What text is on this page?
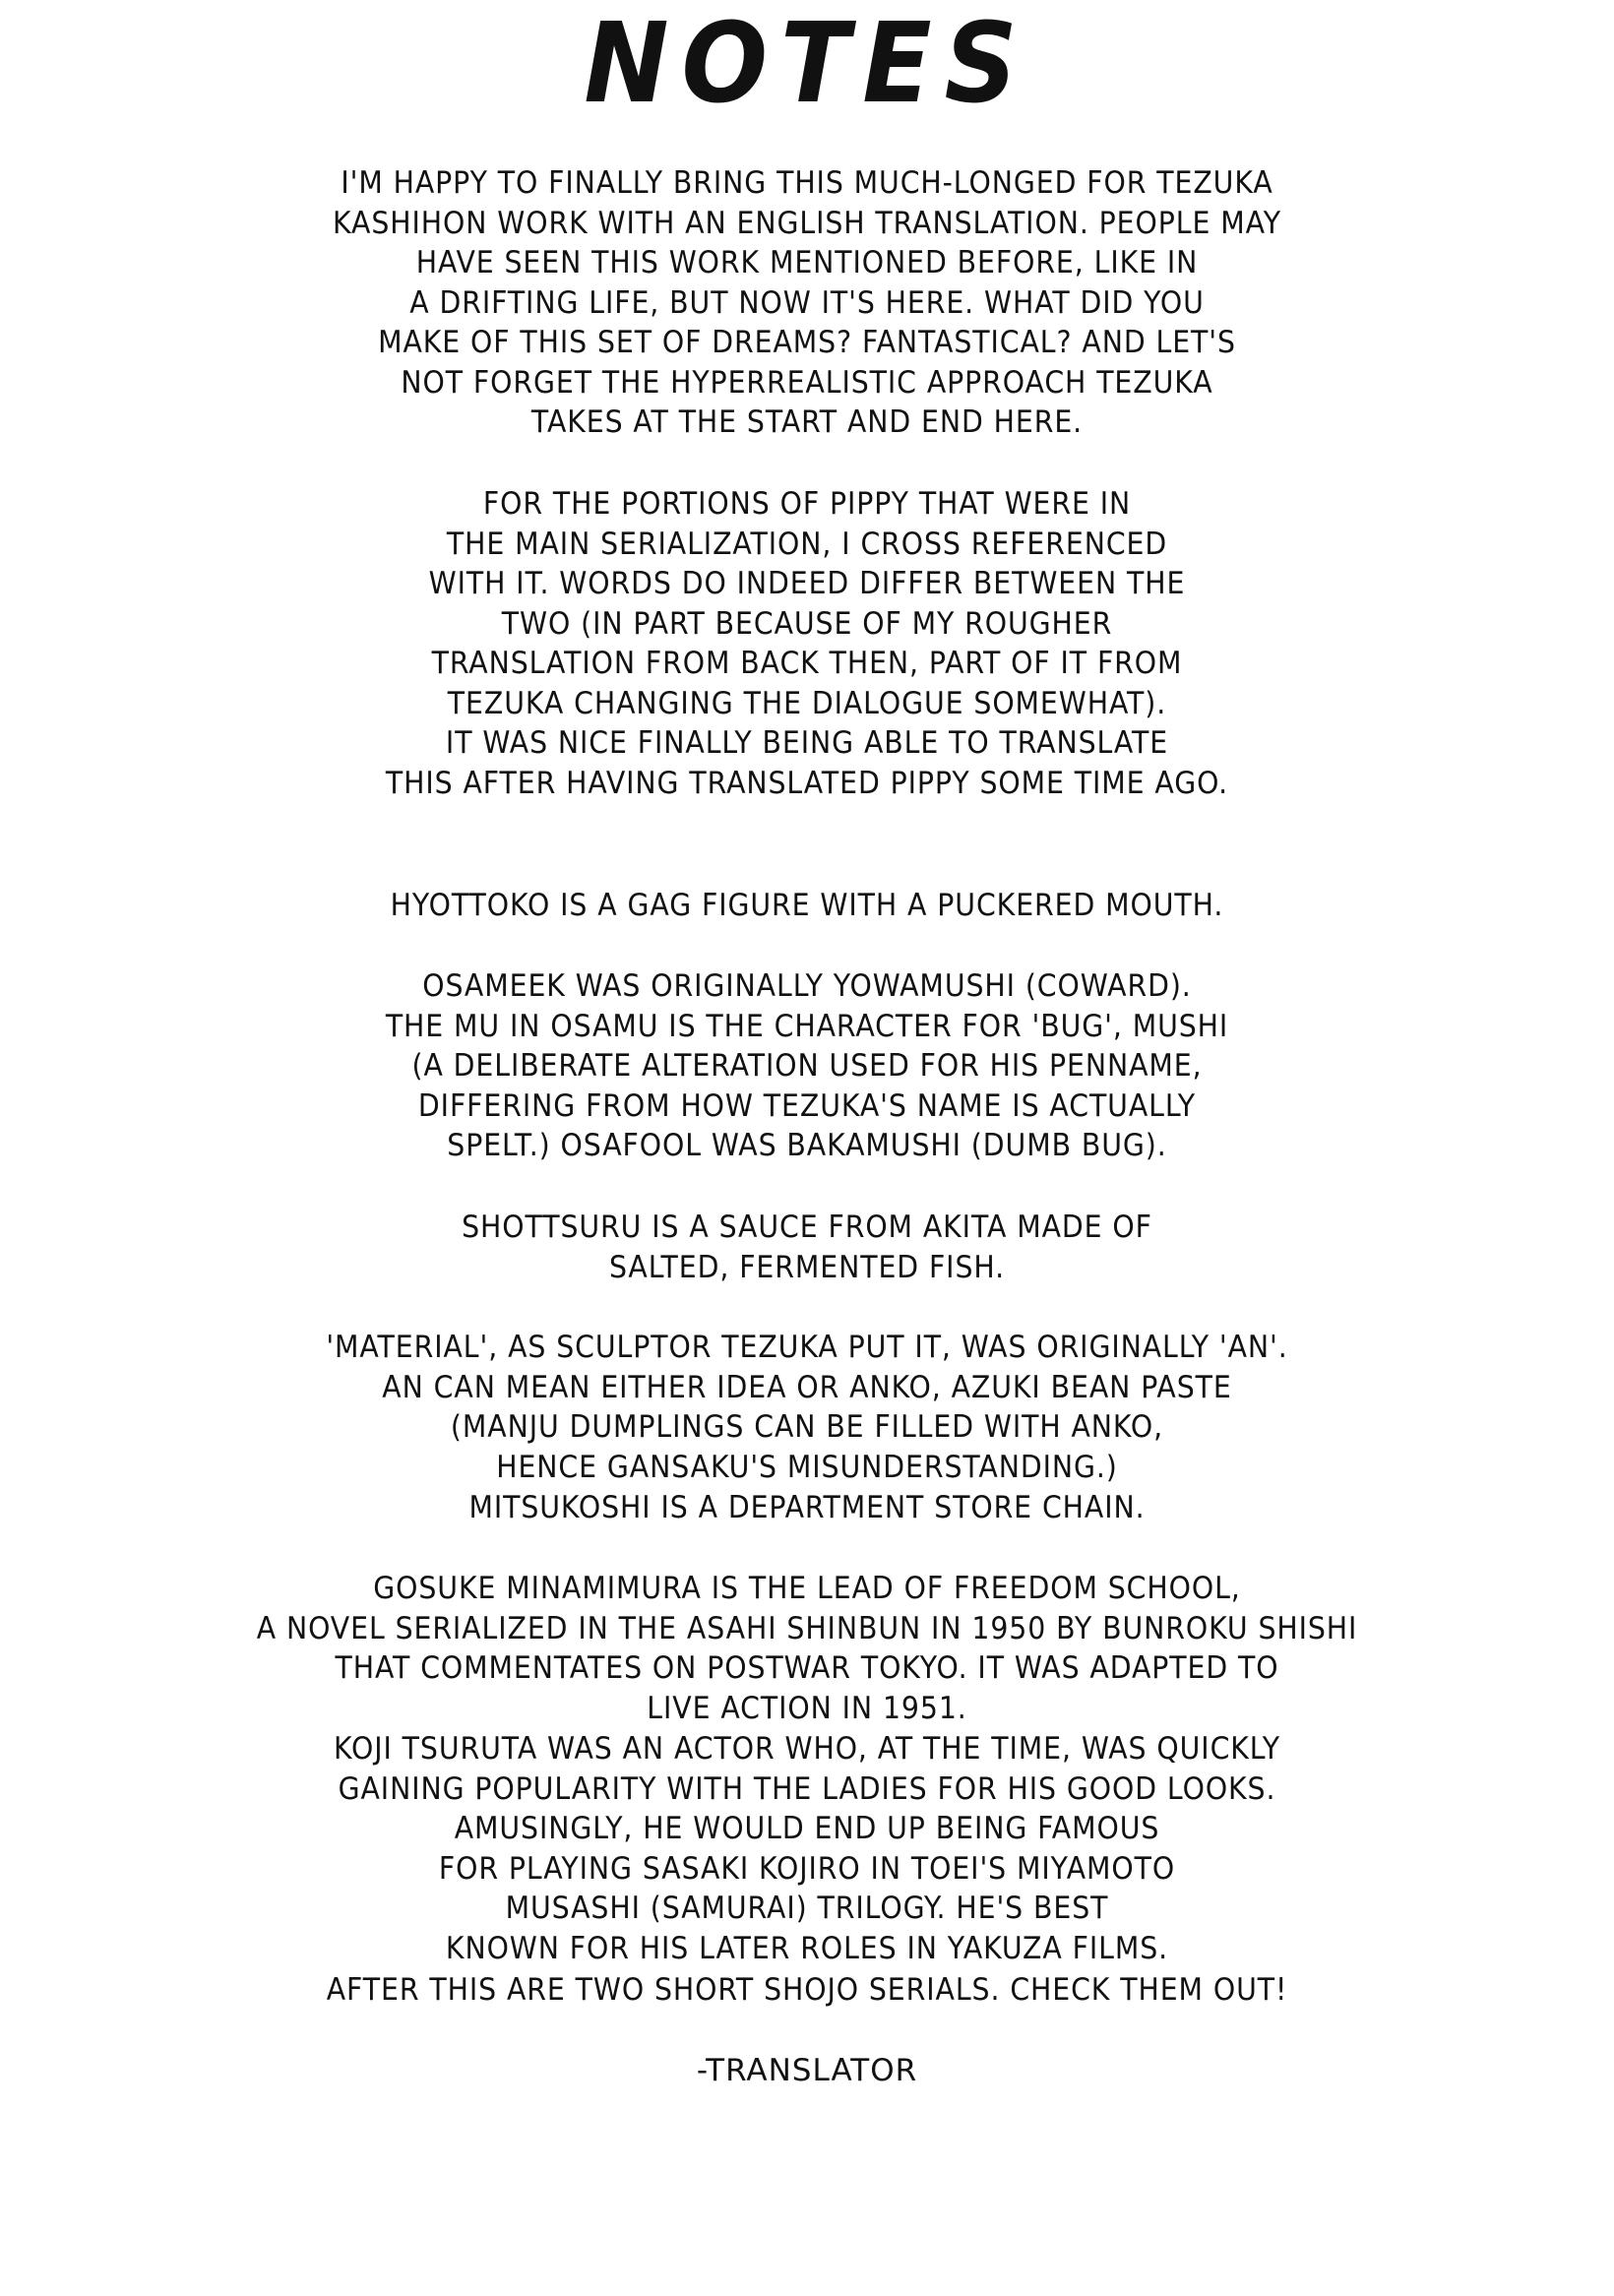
NOTES
I'M HAPPY TO FINALLY BRING THIS MUCH-LONGED FOR TEZUKA
KASHIHON WORK WITH AN ENGLISH TRANSLATION. PEOPLE MAY
HAVE SEEN THIS WORK MENTIONED BEFORE, LIKE IN
A DRIFTING LIFE, BUT NOW IT'S HERE. WHAT DID YOU
MAKE OF THIS SET OF DREAMS? FANTASTICAL? AND LET'S
NOT FORGET THE HYPERREALISTIC APPROACH TEZUKA
TAKES AT THE START AND END HERE.
FOR THE PORTIONS OF PIPPY THAT WERE IN
THE MAIN SERIALIZATION, I CROSS REFERENCED
WITH IT. WORDS DO INDEED DIFFER BETWEEN THE
TWO (IN PART BECAUSE OF MY ROUGHER
TRANSLATION FROM BACK THEN, PART OF IT FROM
TEZUKA CHANGING THE DIALOGUE SOMEWHAT).
IT WAS NICE FINALLY BEING ABLE TO TRANSLATE
THIS AFTER HAVING TRANSLATED PIPPY SOME TIME AGO.
HYOTTOKO IS A GAG FIGURE WITH A PUCKERED MOUTH.
OSAMEEK WAS ORIGINALLY YOWAMUSHI (COWARD).
THE MU IN OSAMU IS THE CHARACTER FOR 'BUG', MUSHI
(A DELIBERATE ALTERATION USED FOR HIS PENNAME,
DIFFERING FROM HOW TEZUKA'S NAME IS ACTUALLY
SPELT.) OSAFOOL WAS BAKAMUSHI (DUMB BUG).
SHOTTSURU IS A SAUCE FROM AKITA MADE OF
SALTED, FERMENTED FISH.
'MATERIAL', AS SCULPTOR TEZUKA PUT IT, WAS ORIGINALLY 'AN'.
AN CAN MEAN EITHER IDEA OR ANKO, AZUKI BEAN PASTE
(MANJU DUMPLINGS CAN BE FILLED WITH ANKO,
HENCE GANSAKU'S MISUNDERSTANDING.)
MITSUKOSHI IS A DEPARTMENT STORE CHAIN.
GOSUKE MINAMIMURA IS THE LEAD OF FREEDOM SCHOOL,
A NOVEL SERIALIZED IN THE ASAHI SHINBUN IN 1950 BY BUNROKU SHISHI
THAT COMMENTATES ON POSTWAR TOKYO. IT WAS ADAPTED TO
LIVE ACTION IN 1951.
KOJI TSURUTA WAS AN ACTOR WHO, AT THE TIME, WAS QUICKLY
GAINING POPULARITY WITH THE LADIES FOR HIS GOOD LOOKS.
AMUSINGLY, HE WOULD END UP BEING FAMOUS
FOR PLAYING SASAKI KOJIRO IN TOEI'S MIYAMOTO
MUSASHI (SAMURAI) TRILOGY. HE'S BEST
KNOWN FOR HIS LATER ROLES IN YAKUZA FILMS.
AFTER THIS ARE TWO SHORT SHOJO SERIALS. CHECK THEM OUT!
-TRANSLATOR
